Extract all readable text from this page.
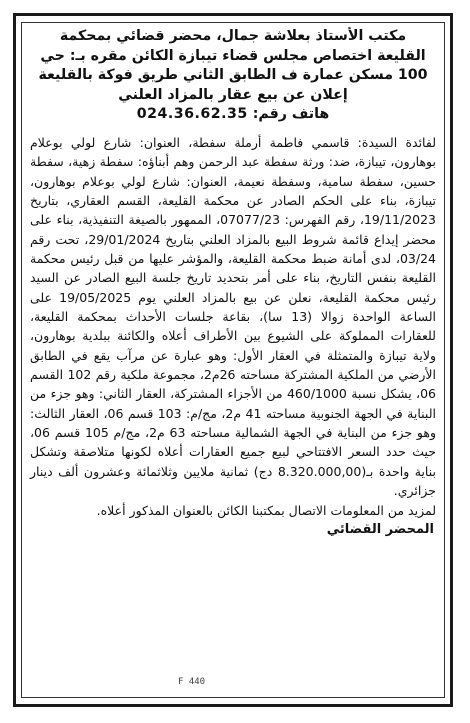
مكتب الأستاذ بعلاشة جمال، محضر قضائي بمحكمة
القليعة اختصاص مجلس قضاء تيبازة الكائن مقره بـ: حي
100 مسكن عمارة ف الطابق الثاني طريق فوكة بالقليعة
إعلان عن بيع عقار بالمزاد العلني
هاتف رقم: 024.36.62.35
لفائدة السيدة: قاسمي فاطمة أرملة سفطة، العنوان: شارع لولي بوعلام بوهارون، تيبازة، ضد: ورثة سفطة عبد الرحمن وهم أبناؤه: سفطة زهية، سفطة حسين، سفطة سامية، وسفطة نعيمة، العنوان: شارع لولي بوعلام بوهارون، تيبازة، بناء على الحكم الصادر عن محكمة القليعة، القسم العقاري، بتاريخ 19/11/2023، رقم الفهرس: 07077/23، الممهور بالصيغة التنفيذية، بناء على محضر إيداع قائمة شروط البيع بالمزاد العلني بتاريخ 29/01/2024، تحت رقم 03/24، لدى أمانة ضبط محكمة القليعة، والمؤشر عليها من قبل رئيس محكمة القليعة بنفس التاريخ، بناء على أمر بتحديد تاريخ جلسة البيع الصادر عن السيد رئيس محكمة القليعة، نعلن عن بيع بالمزاد العلني يوم 19/05/2025 على الساعة الواحدة زوالا (13 سا)، بقاعة جلسات الأحداث بمحكمة القليعة، للعقارات المملوكة على الشيوع بين الأطراف أعلاه والكائنة ببلدية بوهارون، ولاية تيبازة والمتمثلة في العقار الأول: وهو عبارة عن مرآب يقع في الطابق الأرضي من الملكية المشتركة مساحته 26م2، مجموعة ملكية رقم 102 القسم 06، يشكل نسبة 460/1000 من الأجزاء المشتركة، العقار الثاني: وهو جزء من البناية في الجهة الجنوبية مساحته 41 م2، مج/م: 103 قسم 06، العقار الثالث: وهو جزء من البناية في الجهة الشمالية مساحته 63 م2، مج/م 105 قسم 06، حيث حدد السعر الافتتاحي لبيع جميع العقارات أعلاه لكونها متلاصقة وتشكل بناية واحدة بـ(8.320.000,00 دج) ثمانية ملايين وثلاثمائة وعشرون ألف دينار جزائري.
لمزيد من المعلومات الاتصال بمكتبنا الكائن بالعنوان المذكور أعلاه.
المحضر القضائي
F 440
